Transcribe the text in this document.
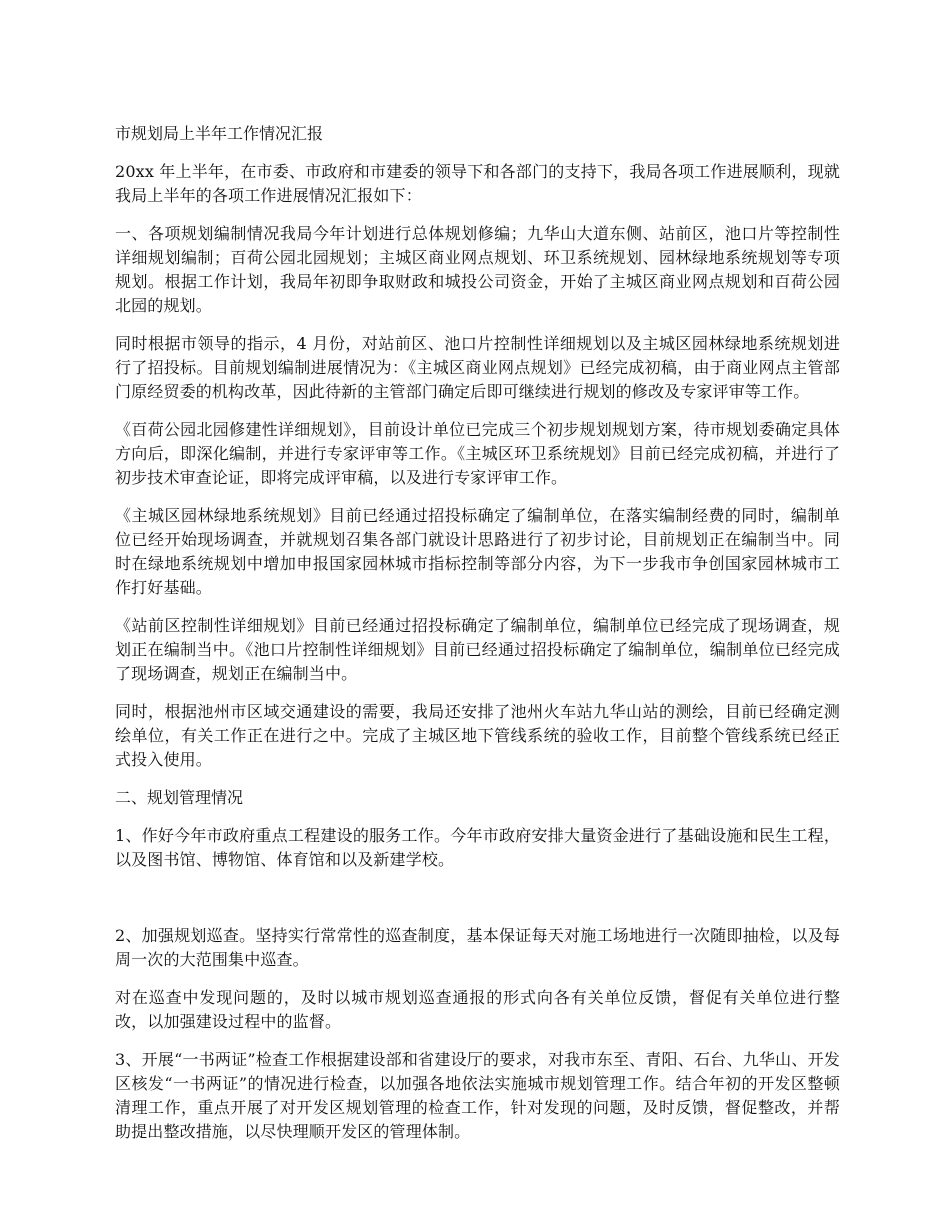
市规划局上半年工作情况汇报
20xx 年上半年，在市委、市政府和市建委的领导下和各部门的支持下，我局各项工作进展顺利，现就我局上半年的各项工作进展情况汇报如下：
一、各项规划编制情况我局今年计划进行总体规划修编；九华山大道东侧、站前区，池口片等控制性详细规划编制；百荷公园北园规划；主城区商业网点规划、环卫系统规划、园林绿地系统规划等专项规划。根据工作计划，我局年初即争取财政和城投公司资金，开始了主城区商业网点规划和百荷公园北园的规划。
同时根据市领导的指示，4 月份，对站前区、池口片控制性详细规划以及主城区园林绿地系统规划进行了招投标。目前规划编制进展情况为：《主城区商业网点规划》已经完成初稿，由于商业网点主管部门原经贸委的机构改革，因此待新的主管部门确定后即可继续进行规划的修改及专家评审等工作。
《百荷公园北园修建性详细规划》，目前设计单位已完成三个初步规划规划方案，待市规划委确定具体方向后，即深化编制，并进行专家评审等工作。《主城区环卫系统规划》目前已经完成初稿，并进行了初步技术审查论证，即将完成评审稿，以及进行专家评审工作。
《主城区园林绿地系统规划》目前已经通过招投标确定了编制单位，在落实编制经费的同时，编制单位已经开始现场调查，并就规划召集各部门就设计思路进行了初步讨论，目前规划正在编制当中。同时在绿地系统规划中增加申报国家园林城市指标控制等部分内容，为下一步我市争创国家园林城市工作打好基础。
《站前区控制性详细规划》目前已经通过招投标确定了编制单位，编制单位已经完成了现场调查，规划正在编制当中。《池口片控制性详细规划》目前已经通过招投标确定了编制单位，编制单位已经完成了现场调查，规划正在编制当中。
同时，根据池州市区域交通建设的需要，我局还安排了池州火车站九华山站的测绘，目前已经确定测绘单位，有关工作正在进行之中。完成了主城区地下管线系统的验收工作，目前整个管线系统已经正式投入使用。
二、规划管理情况
1、作好今年市政府重点工程建设的服务工作。今年市政府安排大量资金进行了基础设施和民生工程，以及图书馆、博物馆、体育馆和以及新建学校。
2、加强规划巡查。坚持实行常常性的巡查制度，基本保证每天对施工场地进行一次随即抽检，以及每周一次的大范围集中巡查。
对在巡查中发现问题的，及时以城市规划巡查通报的形式向各有关单位反馈，督促有关单位进行整改，以加强建设过程中的监督。
3、开展“一书两证”检查工作根据建设部和省建设厅的要求，对我市东至、青阳、石台、九华山、开发区核发“一书两证”的情况进行检查，以加强各地依法实施城市规划管理工作。结合年初的开发区整顿清理工作，重点开展了对开发区规划管理的检查工作，针对发现的问题，及时反馈，督促整改，并帮助提出整改措施，以尽快理顺开发区的管理体制。
